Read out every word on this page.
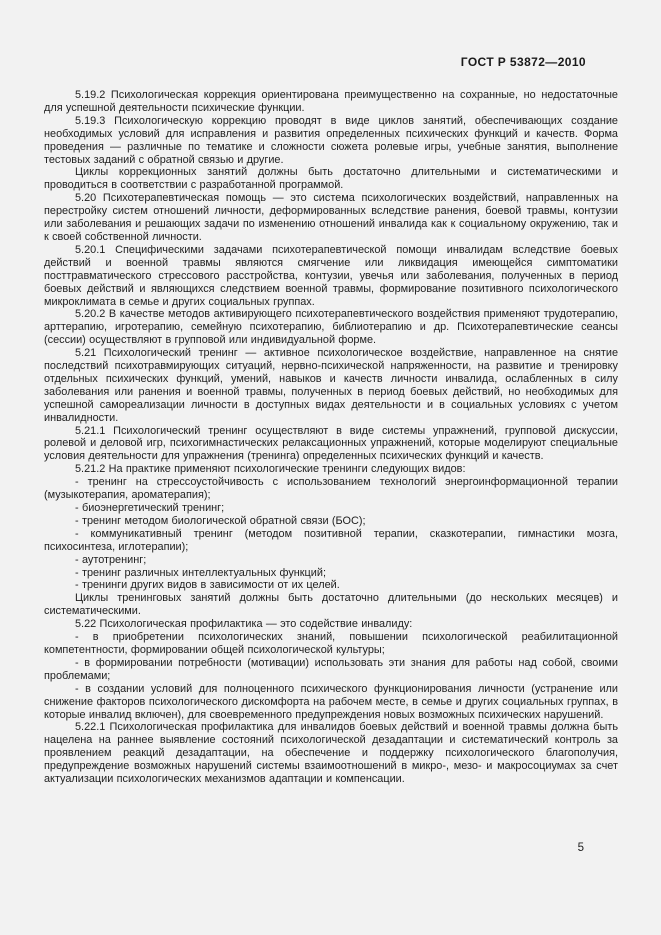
ГОСТ Р 53872—2010

5.19.2 Психологическая коррекция ориентирована преимущественно на сохранные, но недостаточные для успешной деятельности психические функции.

5.19.3 Психологическую коррекцию проводят в виде циклов занятий, обеспечивающих создание необходимых условий для исправления и развития определенных психических функций и качеств. Форма проведения — различные по тематике и сложности сюжета ролевые игры, учебные занятия, выполнение тестовых заданий с обратной связью и другие.

Циклы коррекционных занятий должны быть достаточно длительными и систематическими и проводиться в соответствии с разработанной программой.

5.20 Психотерапевтическая помощь — это система психологических воздействий, направленных на перестройку систем отношений личности, деформированных вследствие ранения, боевой травмы, контузии или заболевания и решающих задачи по изменению отношений инвалида как к социальному окружению, так и к своей собственной личности.

5.20.1 Специфическими задачами психотерапевтической помощи инвалидам вследствие боевых действий и военной травмы являются смягчение или ликвидация имеющейся симптоматики посттравматического стрессового расстройства, контузии, увечья или заболевания, полученных в период боевых действий и являющихся следствием военной травмы, формирование позитивного психологического микроклимата в семье и других социальных группах.

5.20.2 В качестве методов активирующего психотерапевтического воздействия применяют трудотерапию, арттерапию, игротерапию, семейную психотерапию, библиотерапию и др. Психотерапевтические сеансы (сессии) осуществляют в групповой или индивидуальной форме.

5.21 Психологический тренинг — активное психологическое воздействие, направленное на снятие последствий психотравмирующих ситуаций, нервно-психической напряженности, на развитие и тренировку отдельных психических функций, умений, навыков и качеств личности инвалида, ослабленных в силу заболевания или ранения и военной травмы, полученных в период боевых действий, но необходимых для успешной самореализации личности в доступных видах деятельности и в социальных условиях с учетом инвалидности.

5.21.1 Психологический тренинг осуществляют в виде системы упражнений, групповой дискуссии, ролевой и деловой игр, психогимнастических релаксационных упражнений, которые моделируют специальные условия деятельности для упражнения (тренинга) определенных психических функций и качеств.

5.21.2 На практике применяют психологические тренинги следующих видов:

- тренинг на стрессоустойчивость с использованием технологий энергоинформационной терапии (музыкотерапия, ароматерапия);

- биоэнергетический тренинг;

- тренинг методом биологической обратной связи (БОС);

- коммуникативный тренинг (методом позитивной терапии, сказкотерапии, гимнастики мозга, психосинтеза, иглотерапии);

- аутотренинг;

- тренинг различных интеллектуальных функций;

- тренинги других видов в зависимости от их целей.

Циклы тренинговых занятий должны быть достаточно длительными (до нескольких месяцев) и систематическими.

5.22 Психологическая профилактика — это содействие инвалиду:

- в приобретении психологических знаний, повышении психологической реабилитационной компетентности, формировании общей психологической культуры;

- в формировании потребности (мотивации) использовать эти знания для работы над собой, своими проблемами;

- в создании условий для полноценного психического функционирования личности (устранение или снижение факторов психологического дискомфорта на рабочем месте, в семье и других социальных группах, в которые инвалид включен), для своевременного предупреждения новых возможных психических нарушений.

5.22.1 Психологическая профилактика для инвалидов боевых действий и военной травмы должна быть нацелена на раннее выявление состояний психологической дезадаптации и систематический контроль за проявлением реакций дезадаптации, на обеспечение и поддержку психологического благополучия, предупреждение возможных нарушений системы взаимоотношений в микро-, мезо- и макросоциумах за счет актуализации психологических механизмов адаптации и компенсации.

5
